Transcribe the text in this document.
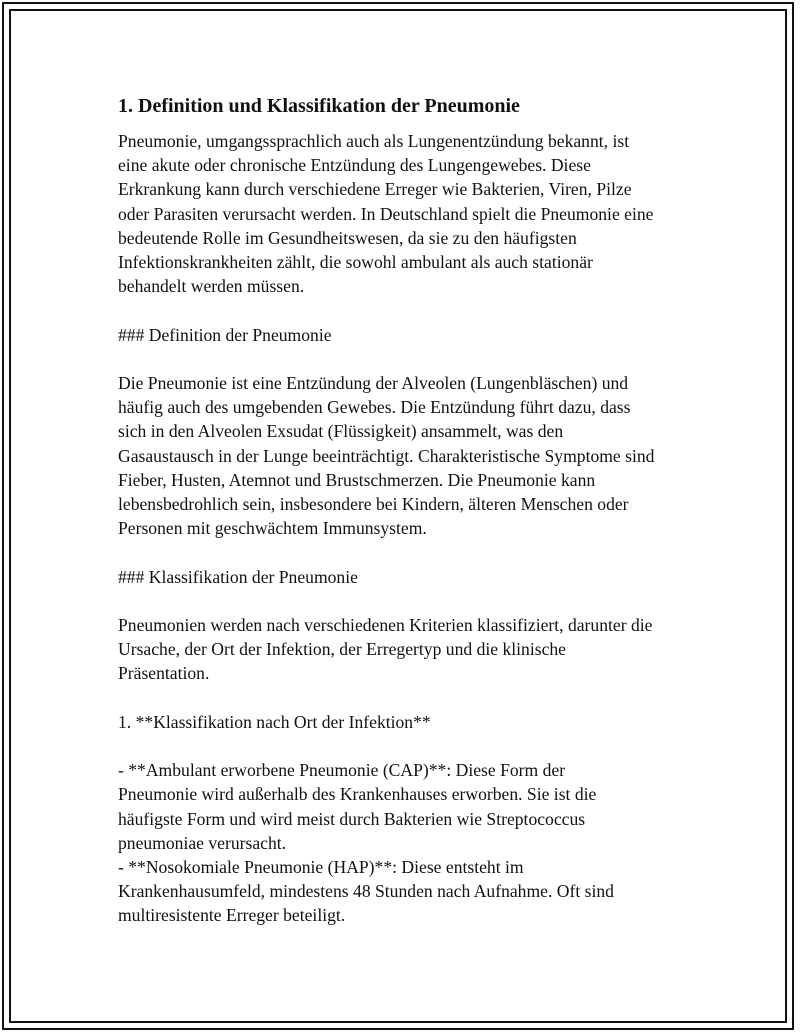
1. Definition und Klassifikation der Pneumonie

Pneumonie, umgangssprachlich auch als Lungenentzündung bekannt, ist
eine akute oder chronische Entzündung des Lungengewebes. Diese
Erkrankung kann durch verschiedene Erreger wie Bakterien, Viren, Pilze
oder Parasiten verursacht werden. In Deutschland spielt die Pneumonie eine
bedeutende Rolle im Gesundheitswesen, da sie zu den häufigsten
Infektionskrankheiten zählt, die sowohl ambulant als auch stationär
behandelt werden müssen.

### Definition der Pneumonie

Die Pneumonie ist eine Entzündung der Alveolen (Lungenbläschen) und
häufig auch des umgebenden Gewebes. Die Entzündung führt dazu, dass
sich in den Alveolen Exsudat (Flüssigkeit) ansammelt, was den
Gasaustausch in der Lunge beeinträchtigt. Charakteristische Symptome sind
Fieber, Husten, Atemnot und Brustschmerzen. Die Pneumonie kann
lebensbedrohlich sein, insbesondere bei Kindern, älteren Menschen oder
Personen mit geschwächtem Immunsystem.

### Klassifikation der Pneumonie

Pneumonien werden nach verschiedenen Kriterien klassifiziert, darunter die
Ursache, der Ort der Infektion, der Erregertyp und die klinische
Präsentation.

1. **Klassifikation nach Ort der Infektion**

- **Ambulant erworbene Pneumonie (CAP)**: Diese Form der
Pneumonie wird außerhalb des Krankenhauses erworben. Sie ist die
häufigste Form und wird meist durch Bakterien wie Streptococcus
pneumoniae verursacht.

- **Nosokomiale Pneumonie (HAP)**: Diese entsteht im
Krankenhausumfeld, mindestens 48 Stunden nach Aufnahme. Oft sind
multiresistente Erreger beteiligt.
